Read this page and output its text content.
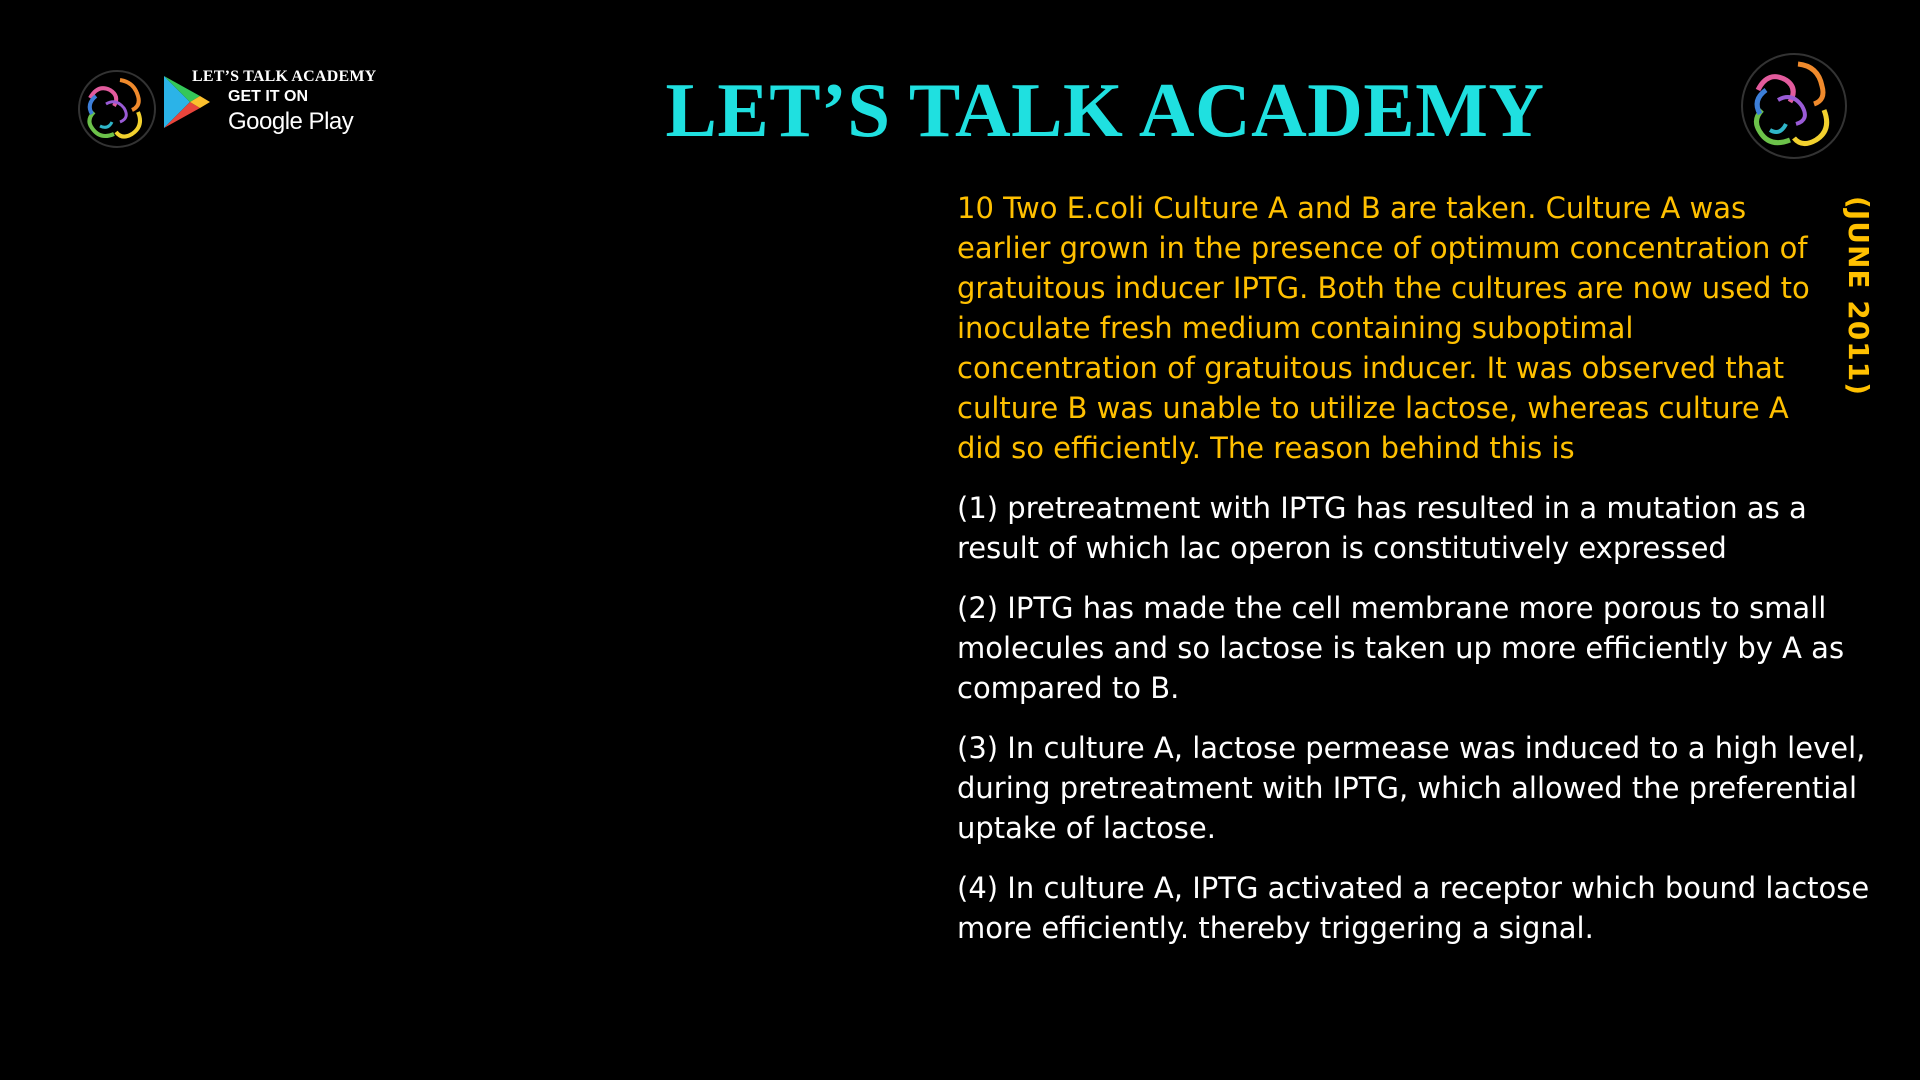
LET’S TALK ACADEMY
GET IT ON
Google Play	LET’S TALK ACADEMY
(JUNE 2011)

10 Two E.coli Culture A and B are taken. Culture A was earlier grown in the presence of optimum concentration of gratuitous inducer IPTG. Both the cultures are now used to inoculate fresh medium containing suboptimal concentration of gratuitous inducer. It was observed that culture B was unable to utilize lactose, whereas culture A did so efficiently. The reason behind this is

(1) pretreatment with IPTG has resulted in a mutation as a result of which lac operon is constitutively expressed

(2) IPTG has made the cell membrane more porous to small molecules and so lactose is taken up more efficiently by A as compared to B.

(3) In culture A, lactose permease was induced to a high level, during pretreatment with IPTG, which allowed the preferential uptake of lactose.

(4) In culture A, IPTG activated a receptor which bound lactose more efficiently. thereby triggering a signal.
